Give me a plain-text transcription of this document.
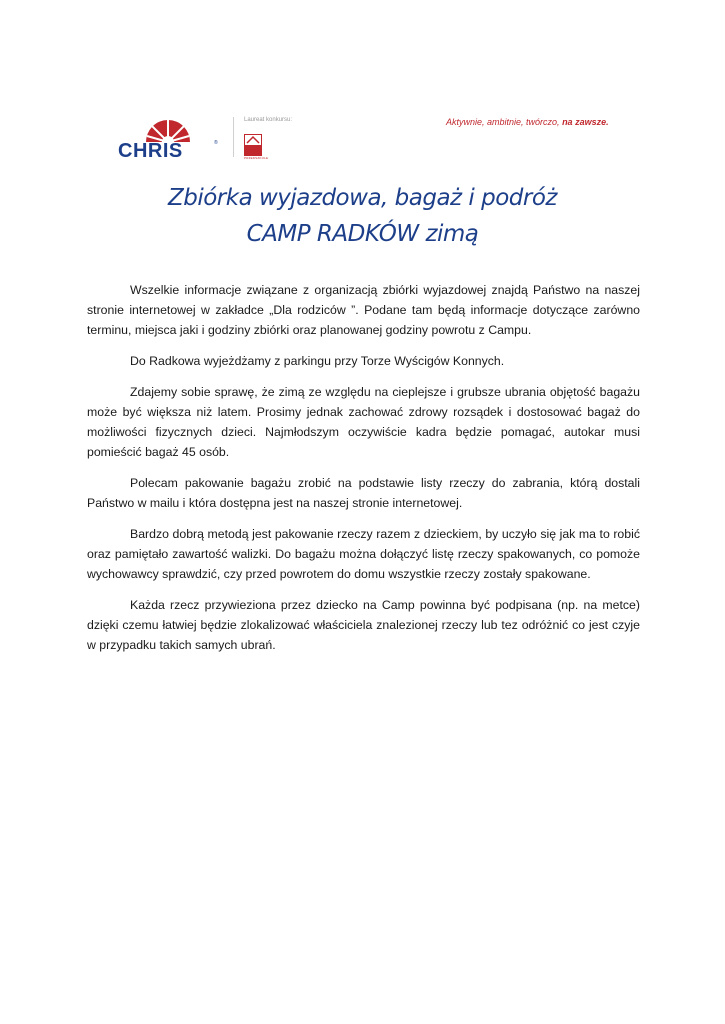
CHRIS	®
Laureat konkursu:
PRZEDSZKOLE
Aktywnie, ambitnie, twórczo, na zawsze.
Zbiórka wyjazdowa, bagaż i podróż
CAMP RADKÓW zimą

Wszelkie informacje związane z organizacją zbiórki wyjazdowej znajdą Państwo na naszej stronie internetowej w zakładce „Dla rodziców ”. Podane tam będą informacje dotyczące zarówno terminu, miejsca jaki i godziny zbiórki oraz planowanej godziny powrotu z Campu.

Do Radkowa wyjeżdżamy z parkingu przy Torze Wyścigów Konnych.

Zdajemy sobie sprawę, że zimą ze względu na cieplejsze i grubsze ubrania objętość bagażu może być większa niż latem. Prosimy jednak zachować zdrowy rozsądek i dostosować bagaż do możliwości fizycznych dzieci. Najmłodszym oczywiście kadra będzie pomagać, autokar musi pomieścić bagaż 45 osób.

Polecam pakowanie bagażu zrobić na podstawie listy rzeczy do zabrania, którą dostali Państwo w mailu i która dostępna jest na naszej stronie internetowej.

Bardzo dobrą metodą jest pakowanie rzeczy razem z dzieckiem, by uczyło się jak ma to robić oraz pamiętało zawartość walizki. Do bagażu można dołączyć listę rzeczy spakowanych, co pomoże wychowawcy sprawdzić, czy przed powrotem do domu wszystkie rzeczy zostały spakowane.

Każda rzecz przywieziona przez dziecko na Camp powinna być podpisana (np. na metce) dzięki czemu łatwiej będzie zlokalizować właściciela znalezionej rzeczy lub tez odróżnić co jest czyje w przypadku takich samych ubrań.
